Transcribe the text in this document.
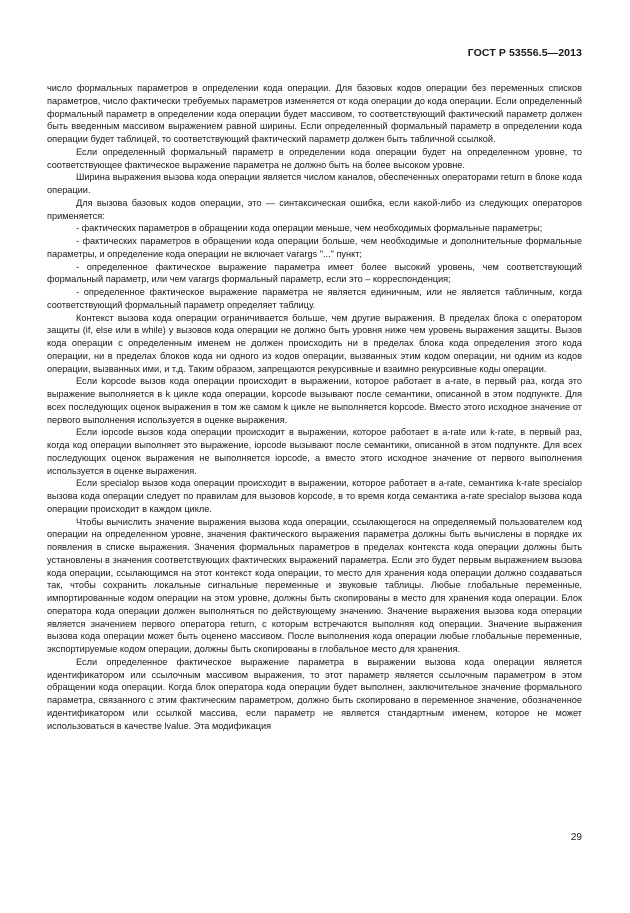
ГОСТ Р 53556.5—2013

число формальных параметров в определении кода операции. Для базовых кодов операции без переменных списков параметров, число фактически требуемых параметров изменяется от кода операции до кода операции. Если определенный формальный параметр в определении кода операции будет массивом, то соответствующий фактический параметр должен быть введенным массивом выражением равной ширины. Если определенный формальный параметр в определении кода операции будет таблицей, то соответствующий фактический параметр должен быть табличной ссылкой.

Если определенный формальный параметр в определении кода операции будет на определенном уровне, то соответствующее фактическое выражение параметра не должно быть на более высоком уровне.

Ширина выражения вызова кода операции является числом каналов, обеспеченных операторами return в блоке кода операции.

Для вызова базовых кодов операции, это — синтаксическая ошибка, если какой-либо из следующих операторов применяется:

- фактических параметров в обращении кода операции меньше, чем необходимых формальные параметры;

- фактических параметров в обращении кода операции больше, чем необходимые и дополнительные формальные параметры, и определение кода операции не включает varargs "..." пункт;

- определенное фактическое выражение параметра имеет более высокий уровень, чем соответствующий формальный параметр, или чем varargs формальный параметр, если это – корреспонденция;

- определенное фактическое выражение параметра не является единичным, или не является табличным, когда соответствующий формальный параметр определяет таблицу.

Контекст вызова кода операции ограничивается больше, чем другие выражения. В пределах блока с оператором защиты (if, else или в while) у вызовов кода операции не должно быть уровня ниже чем уровень выражения защиты. Вызов кода операции с определенным именем не должен происходить ни в пределах блока кода определения этого кода операции, ни в пределах блоков кода ни одного из кодов операции, вызванных этим кодом операции, ни одним из кодов операции, вызванных ими, и т.д. Таким образом, запрещаются рекурсивные и взаимно рекурсивные коды операции.

Если kopcode вызов кода операции происходит в выражении, которое работает в a-rate, в первый раз, когда это выражение выполняется в k цикле кода операции, kopcode вызывают после семантики, описанной в этом подпункте. Для всех последующих оценок выражения в том же самом k цикле не выполняется kopcode. Вместо этого исходное значение от первого выполнения используется в оценке выражения.

Если iopcode вызов кода операции происходит в выражении, которое работает в a-rate или k-rate, в первый раз, когда код операции выполняет это выражение, iopcode вызывают после семантики, описанной в этом подпункте. Для всех последующих оценок выражения не выполняется iopcode, а вместо этого исходное значение от первого выполнения используется в оценке выражения.

Если specialop вызов кода операции происходит в выражении, которое работает в a-rate, семантика k-rate specialop вызова кода операции следует по правилам для вызовов kopcode, в то время когда семантика a-rate specialop вызова кода операции происходит в каждом цикле.

Чтобы вычислить значение выражения вызова кода операции, ссылающегося на определяемый пользователем код операции на определенном уровне, значения фактического выражения параметра должны быть вычислены в порядке их появления в списке выражения. Значения формальных параметров в пределах контекста кода операции должны быть установлены в значения соответствующих фактических выражений параметра. Если это будет первым выражением вызова кода операции, ссылающимся на этот контекст кода операции, то место для хранения кода операции должно создаваться так, чтобы сохранить локальные сигнальные переменные и звуковые таблицы. Любые глобальные переменные, импортированные кодом операции на этом уровне, должны быть скопированы в место для хранения кода операции. Блок оператора кода операции должен выполняться по действующему значению. Значение выражения вызова кода операции является значением первого оператора return, с которым встречаются выполняя код операции. Значение выражения вызова кода операции может быть оценено массивом. После выполнения кода операции любые глобальные переменные, экспортируемые кодом операции, должны быть скопированы в глобальное место для хранения.

Если определенное фактическое выражение параметра в выражении вызова кода операции является идентификатором или ссылочным массивом выражения, то этот параметр является ссылочным параметром в этом обращении кода операции. Когда блок оператора кода операции будет выполнен, заключительное значение формального параметра, связанного с этим фактическим параметром, должно быть скопировано в переменное значение, обозначенное идентификатором или ссылкой массива, если параметр не является стандартным именем, которое не может использоваться в качестве lvalue. Эта модификация

29
